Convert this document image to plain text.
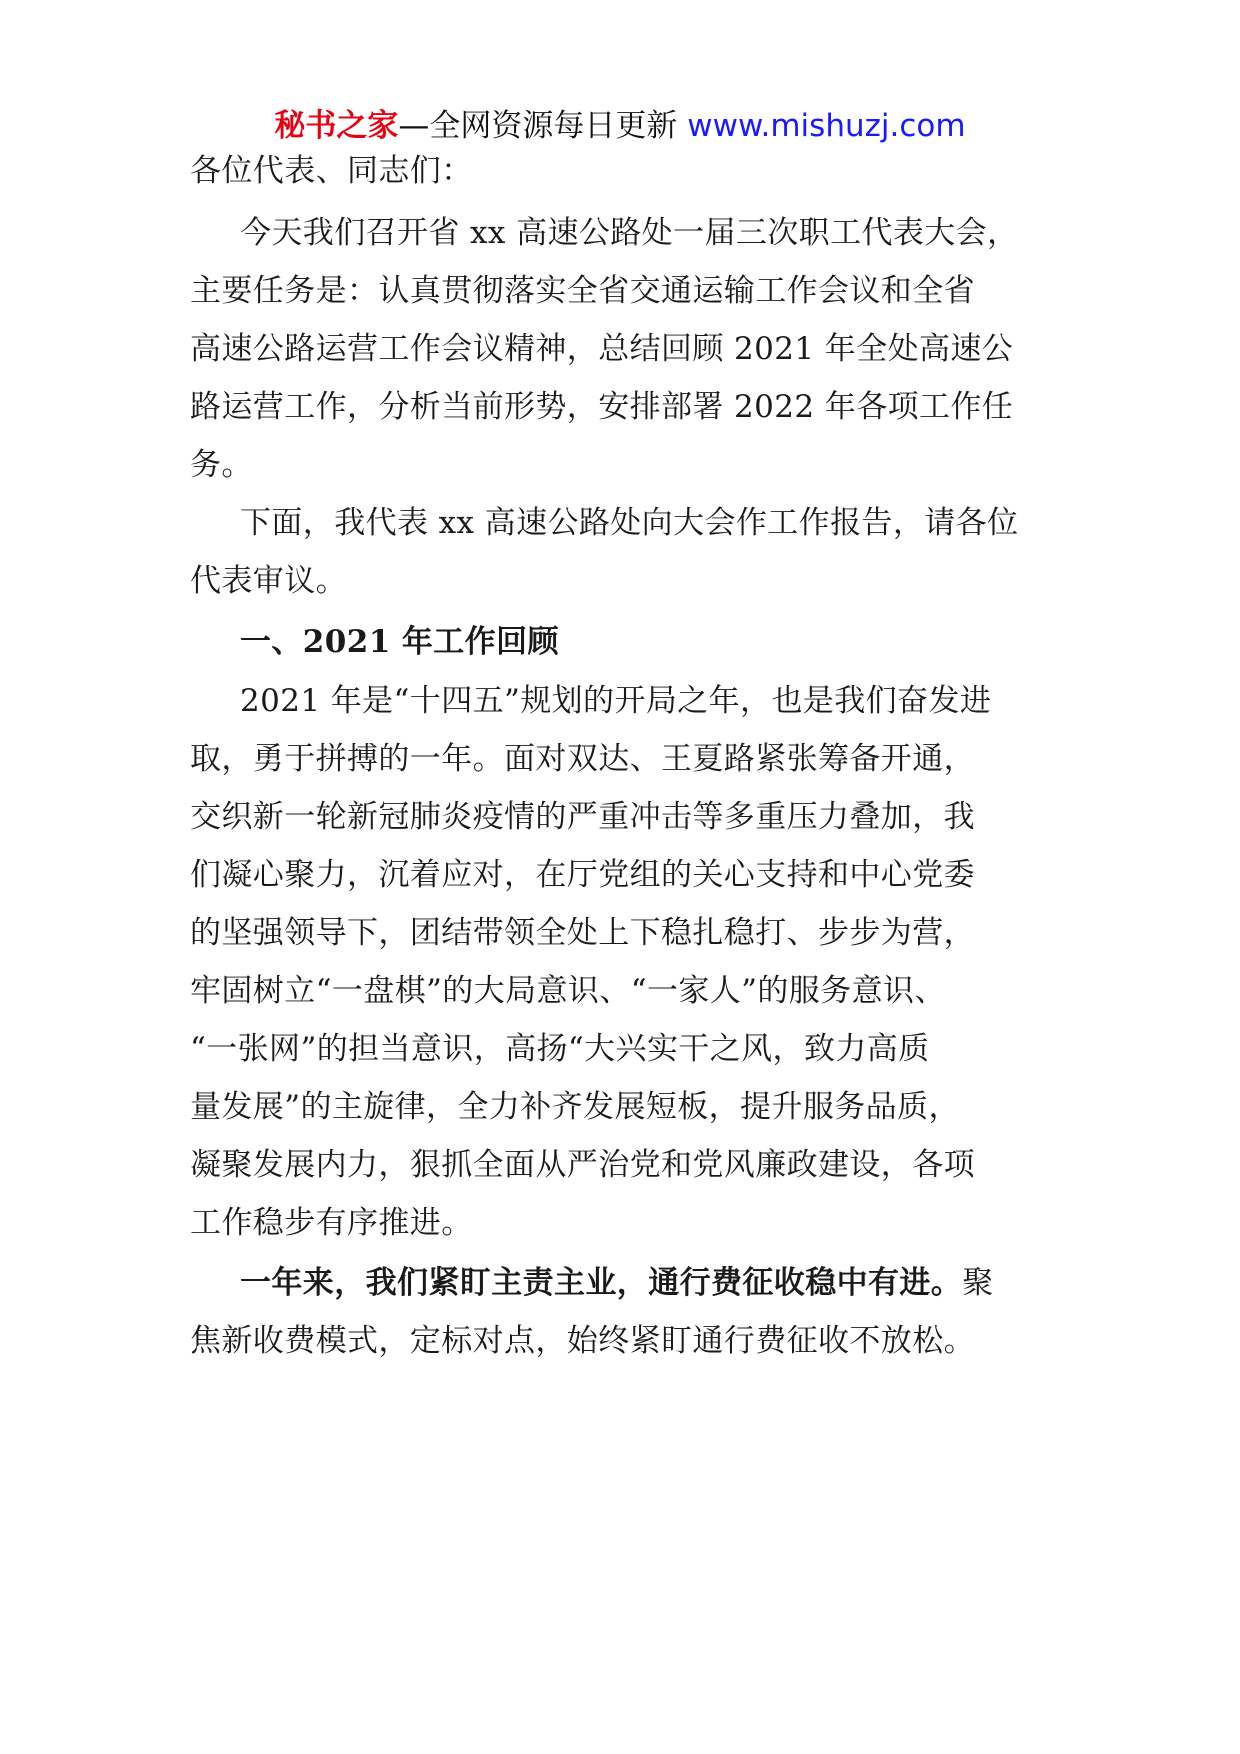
秘书之家—全网资源每日更新 www.mishuzj.com
各位代表、同志们：
今天我们召开省 xx 高速公路处一届三次职工代表大会，
主要任务是：认真贯彻落实全省交通运输工作会议和全省
高速公路运营工作会议精神，总结回顾 2021 年全处高速公
路运营工作，分析当前形势，安排部署 2022 年各项工作任
务。
下面，我代表 xx 高速公路处向大会作工作报告，请各位
代表审议。
一、2021 年工作回顾
2021 年是“十四五”规划的开局之年，也是我们奋发进
取，勇于拼搏的一年。面对双达、王夏路紧张筹备开通，
交织新一轮新冠肺炎疫情的严重冲击等多重压力叠加，我
们凝心聚力，沉着应对，在厅党组的关心支持和中心党委
的坚强领导下，团结带领全处上下稳扎稳打、步步为营，
牢固树立“一盘棋”的大局意识、“一家人”的服务意识、
“一张网”的担当意识，高扬“大兴实干之风，致力高质
量发展”的主旋律，全力补齐发展短板，提升服务品质，
凝聚发展内力，狠抓全面从严治党和党风廉政建设，各项
工作稳步有序推进。
一年来，我们紧盯主责主业，通行费征收稳中有进。聚
焦新收费模式，定标对点，始终紧盯通行费征收不放松。
